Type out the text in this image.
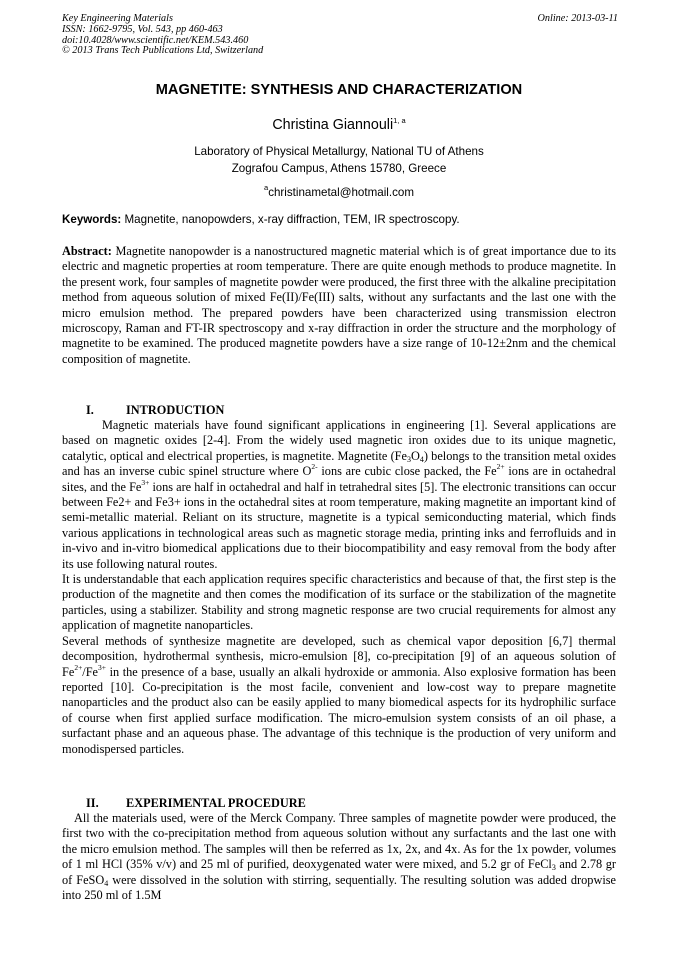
Key Engineering Materials
ISSN: 1662-9795, Vol. 543, pp 460-463
doi:10.4028/www.scientific.net/KEM.543.460
© 2013 Trans Tech Publications Ltd, Switzerland
Online: 2013-03-11
MAGNETITE: SYNTHESIS AND CHARACTERIZATION
Christina Giannouli$^{1, a}$
Laboratory of Physical Metallurgy, National TU of Athens
Zografou Campus, Athens 15780, Greece
$^a$christinametal@hotmail.com
Keywords: Magnetite, nanopowders, x-ray diffraction, TEM, IR spectroscopy.

Abstract: Magnetite nanopowder is a nanostructured magnetic material which is of great importance due to its electric and magnetic properties at room temperature. There are quite enough methods to produce magnetite. In the present work, four samples of magnetite powder were produced, the first three with the alkaline precipitation method from aqueous solution of mixed Fe(II)/Fe(III) salts, without any surfactants and the last one with the micro emulsion method. The prepared powders have been characterized using transmission electron microscopy, Raman and FT-IR spectroscopy and x-ray diffraction in order the structure and the morphology of magnetite to be examined. The produced magnetite powders have a size range of 10-12±2nm and the chemical composition of magnetite.

I.	INTRODUCTION

Magnetic materials have found significant applications in engineering [1]. Several applications are based on magnetic oxides [2-4]. From the widely used magnetic iron oxides due to its unique magnetic, catalytic, optical and electrical properties, is magnetite. Magnetite $(Fe_3O_4)$ belongs to the transition metal oxides and has an inverse cubic spinel structure where $O^{2-}$ ions are cubic close packed, the $Fe^{2+}$ ions are in octahedral sites, and the $Fe^{3+}$ ions are half in octahedral and half in tetrahedral sites [5]. The electronic transitions can occur between Fe2+ and Fe3+ ions in the octahedral sites at room temperature, making magnetite an important kind of semi-metallic material. Reliant on its structure, magnetite is a typical semiconducting material, which finds various applications in technological areas such as magnetic storage media, printing inks and ferrofluids and in in-vivo and in-vitro biomedical applications due to their biocompatibility and easy removal from the body after its use following natural routes.

It is understandable that each application requires specific characteristics and because of that, the first step is the production of the magnetite and then comes the modification of its surface or the stabilization of the magnetite particles, using a stabilizer. Stability and strong magnetic response are two crucial requirements for almost any application of magnetite nanoparticles.

Several methods of synthesize magnetite are developed, such as chemical vapor deposition [6,7] thermal decomposition, hydrothermal synthesis, micro-emulsion [8], co-precipitation [9] of an aqueous solution of $Fe^{2+}/Fe^{3+}$ in the presence of a base, usually an alkali hydroxide or ammonia. Also explosive formation has been reported [10]. Co-precipitation is the most facile, convenient and low-cost way to prepare magnetite nanoparticles and the product also can be easily applied to many biomedical aspects for its hydrophilic surface of course when first applied surface modification. The micro-emulsion system consists of an oil phase, a surfactant phase and an aqueous phase. The advantage of this technique is the production of very uniform and monodispersed particles.

II. EXPERIMENTAL PROCEDURE

All the materials used, were of the Merck Company. Three samples of magnetite powder were produced, the first two with the co-precipitation method from aqueous solution without any surfactants and the last one with the micro emulsion method. The samples will then be referred as 1x, 2x, and 4x. As for the 1x powder, volumes of 1 ml HCl (35% v/v) and 25 ml of purified, deoxygenated water were mixed, and 5.2 gr of FeCl$_3$ and 2.78 gr of FeSO$_4$ were dissolved in the solution with stirring, sequentially. The resulting solution was added dropwise into 250 ml of 1.5M
